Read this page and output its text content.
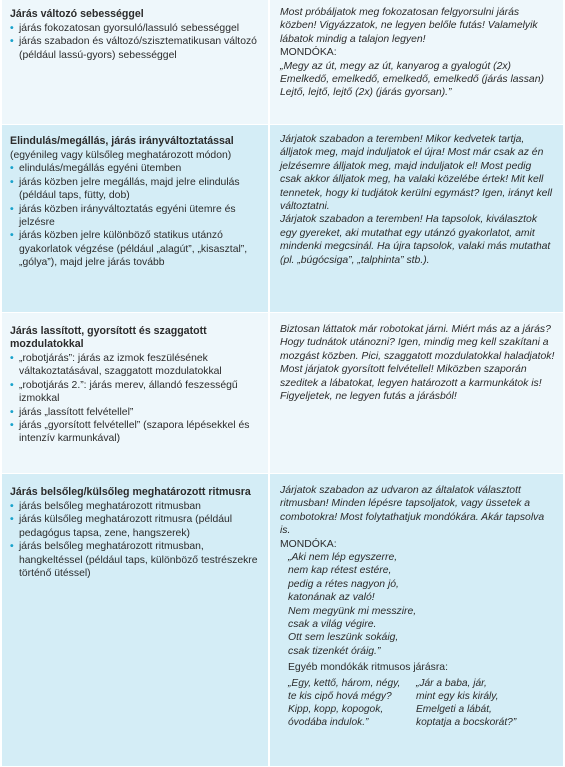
Járás változó sebességgel
• járás fokozatosan gyorsuló/lassuló sebességgel
• járás szabadon és változó/szisztematikusan változó (például lassú-gyors) sebességgel
Most próbáljatok meg fokozatosan felgyorsulni járás közben! Vigyázzatok, ne legyen belőle futás! Valamelyik lábatok mindig a talajon legyen!
MONDÓKA:
„Megy az út, megy az út, kanyarog a gyalogút (2x)
Emelkedő, emelkedő, emelkedő, emelkedő (járás lassan)
Lejtő, lejtő, lejtő (2x) (járás gyorsan).”
Elindulás/megállás, járás irányváltoztatással
(egyénileg vagy külsőleg meghatározott módon)
• elindulás/megállás egyéni ütemben
• járás közben jelre megállás, majd jelre elindulás (például taps, fütty, dob)
• járás közben irányváltoztatás egyéni ütemre és jelzésre
• járás közben jelre különböző statikus utánzó gyakorlatok végzése (például „alagút”, „kisasztal”, „gólya”), majd jelre járás tovább
Járjatok szabadon a teremben! Mikor kedvetek tartja, álljatok meg, majd induljatok el újra! Most már csak az én jelzésemre álljatok meg, majd induljatok el! Most pedig csak akkor álljatok meg, ha valaki közelébe értek! Mit kell tennetek, hogy ki tudjátok kerülni egymást? Igen, irányt kell változtatni.
Járjatok szabadon a teremben! Ha tapsolok, kiválasztok egy gyereket, aki mutathat egy utánzó gyakorlatot, amit mindenki megcsinál. Ha újra tapsolok, valaki más mutathat (pl. „búgócsiga”, „talphinta” stb.).
Járás lassított, gyorsított és szaggatott mozdulatokkal
• „robotjárás”: járás az izmok feszülésének váltakoztatásával, szaggatott mozdulatokkal
• „robotjárás 2.”: járás merev, állandó feszességű izmokkal
• járás „lassított felvétellel”
• járás „gyorsított felvétellel” (szapora lépésekkel és intenzív karmunkával)
Biztosan láttatok már robotokat járni. Miért más az a járás? Hogy tudnátok utánozni? Igen, mindig meg kell szakítani a mozgást közben. Pici, szaggatott mozdulatokkal haladjatok! Most járjatok gyorsított felvétellel! Miközben szaporán szeditek a lábatokat, legyen határozott a karmunkátok is! Figyeljetek, ne legyen futás a járásból!
Járás belsőleg/külsőleg meghatározott ritmusra
• járás belsőleg meghatározott ritmusban
• járás külsőleg meghatározott ritmusra (például pedagógus tapsa, zene, hangszerek)
• járás belsőleg meghatározott ritmusban, hangkeltéssel (például taps, különböző testrészekre történő ütéssel)
Járjatok szabadon az udvaron az általatok választott ritmusban! Minden lépésre tapsoljatok, vagy üssetek a combotokra! Most folytathatjuk mondókára. Akár tapsolva is.
MONDÓKA:
„Aki nem lép egyszerre,
nem kap rétest estére,
pedig a rétes nagyon jó,
katonának az való!
Nem megyünk mi messzire,
csak a világ végire.
Ott sem leszünk sokáig,
csak tizenkét óráig.”
Egyéb mondókák ritmusos járásra:
„Egy, kettő, három, négy,
te kis cipő hová mégy?
Kipp, kopp, kopogok,
óvodába indulok.”
„Jár a baba, jár,
mint egy kis király,
Emelgeti a lábát,
koptatja a bocskorát?”
